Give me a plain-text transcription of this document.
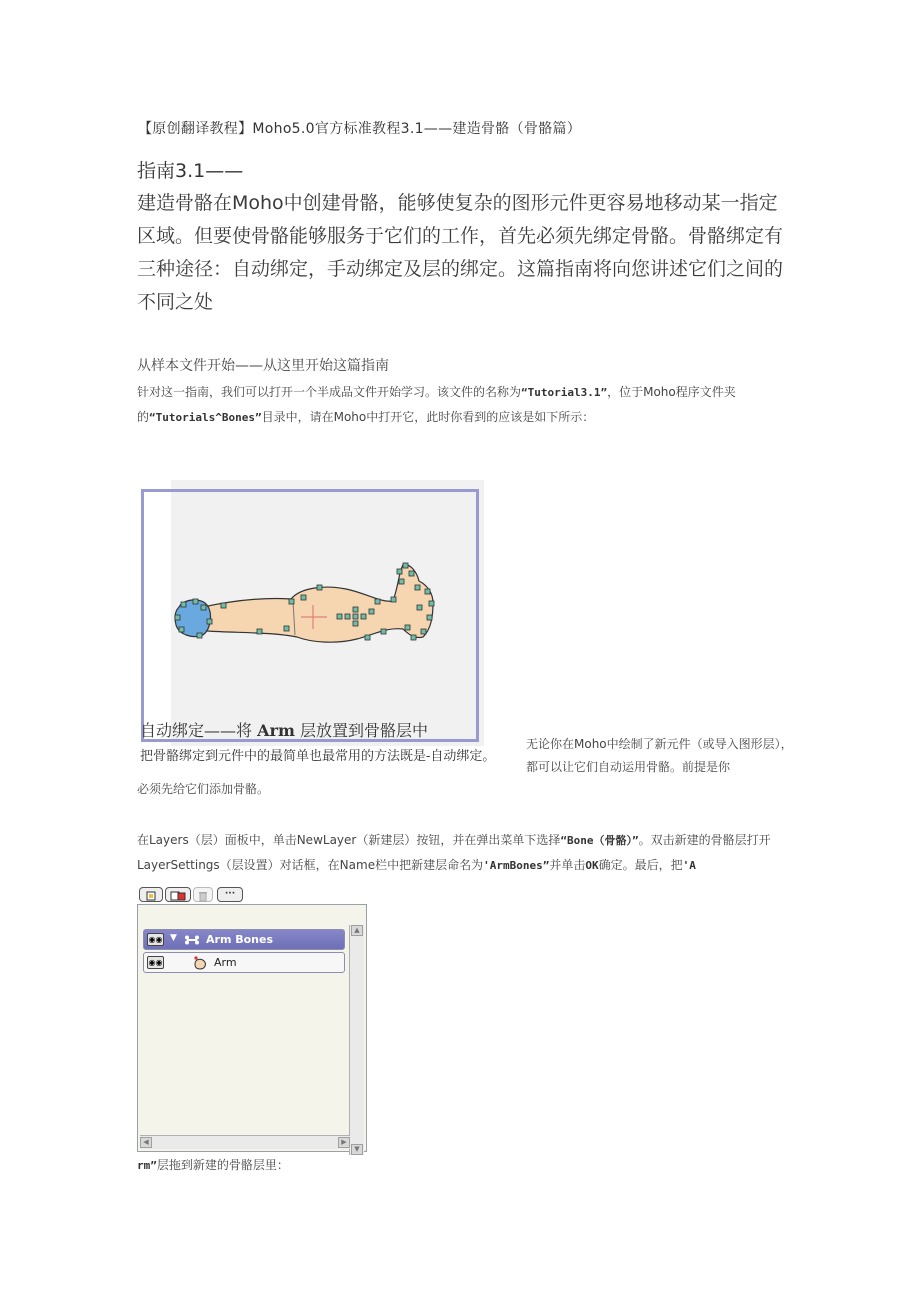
【原创翻译教程】Moho5.0官方标准教程3.1——建造骨骼（骨骼篇）
指南3.1——
建造骨骼在Moho中创建骨骼，能够使复杂的图形元件更容易地移动某一指定区域。但要使骨骼能够服务于它们的工作，首先必须先绑定骨骼。骨骼绑定有三种途径：自动绑定，手动绑定及层的绑定。这篇指南将向您讲述它们之间的不同之处
从样本文件开始——从这里开始这篇指南
针对这一指南，我们可以打开一个半成品文件开始学习。该文件的名称为“Tutorial3.1”，位于Moho程序文件夹的“Tutorials^Bones”目录中，请在Moho中打开它，此时你看到的应该是如下所示：
自动绑定——将 Arm 层放置到骨骼层中
把骨骼绑定到元件中的最简单也最常用的方法既是-自动绑定。
无论你在Moho中绘制了新元件（或导入图形层），都可以让它们自动运用骨骼。前提是你
必须先给它们添加骨骼。
在Layers（层）面板中，单击NewLayer（新建层）按钮，并在弹出菜单下选择“Bone（骨骼）”。双击新建的骨骼层打开LayerSettings（层设置）对话框，在Name栏中把新建层命名为'ArmBones”并单击OK确定。最后，把'A
···
◉◉ ▼	Arm Bones
◉◉	Arm
▲
▼
◀	▶
rm”层拖到新建的骨骼层里：
